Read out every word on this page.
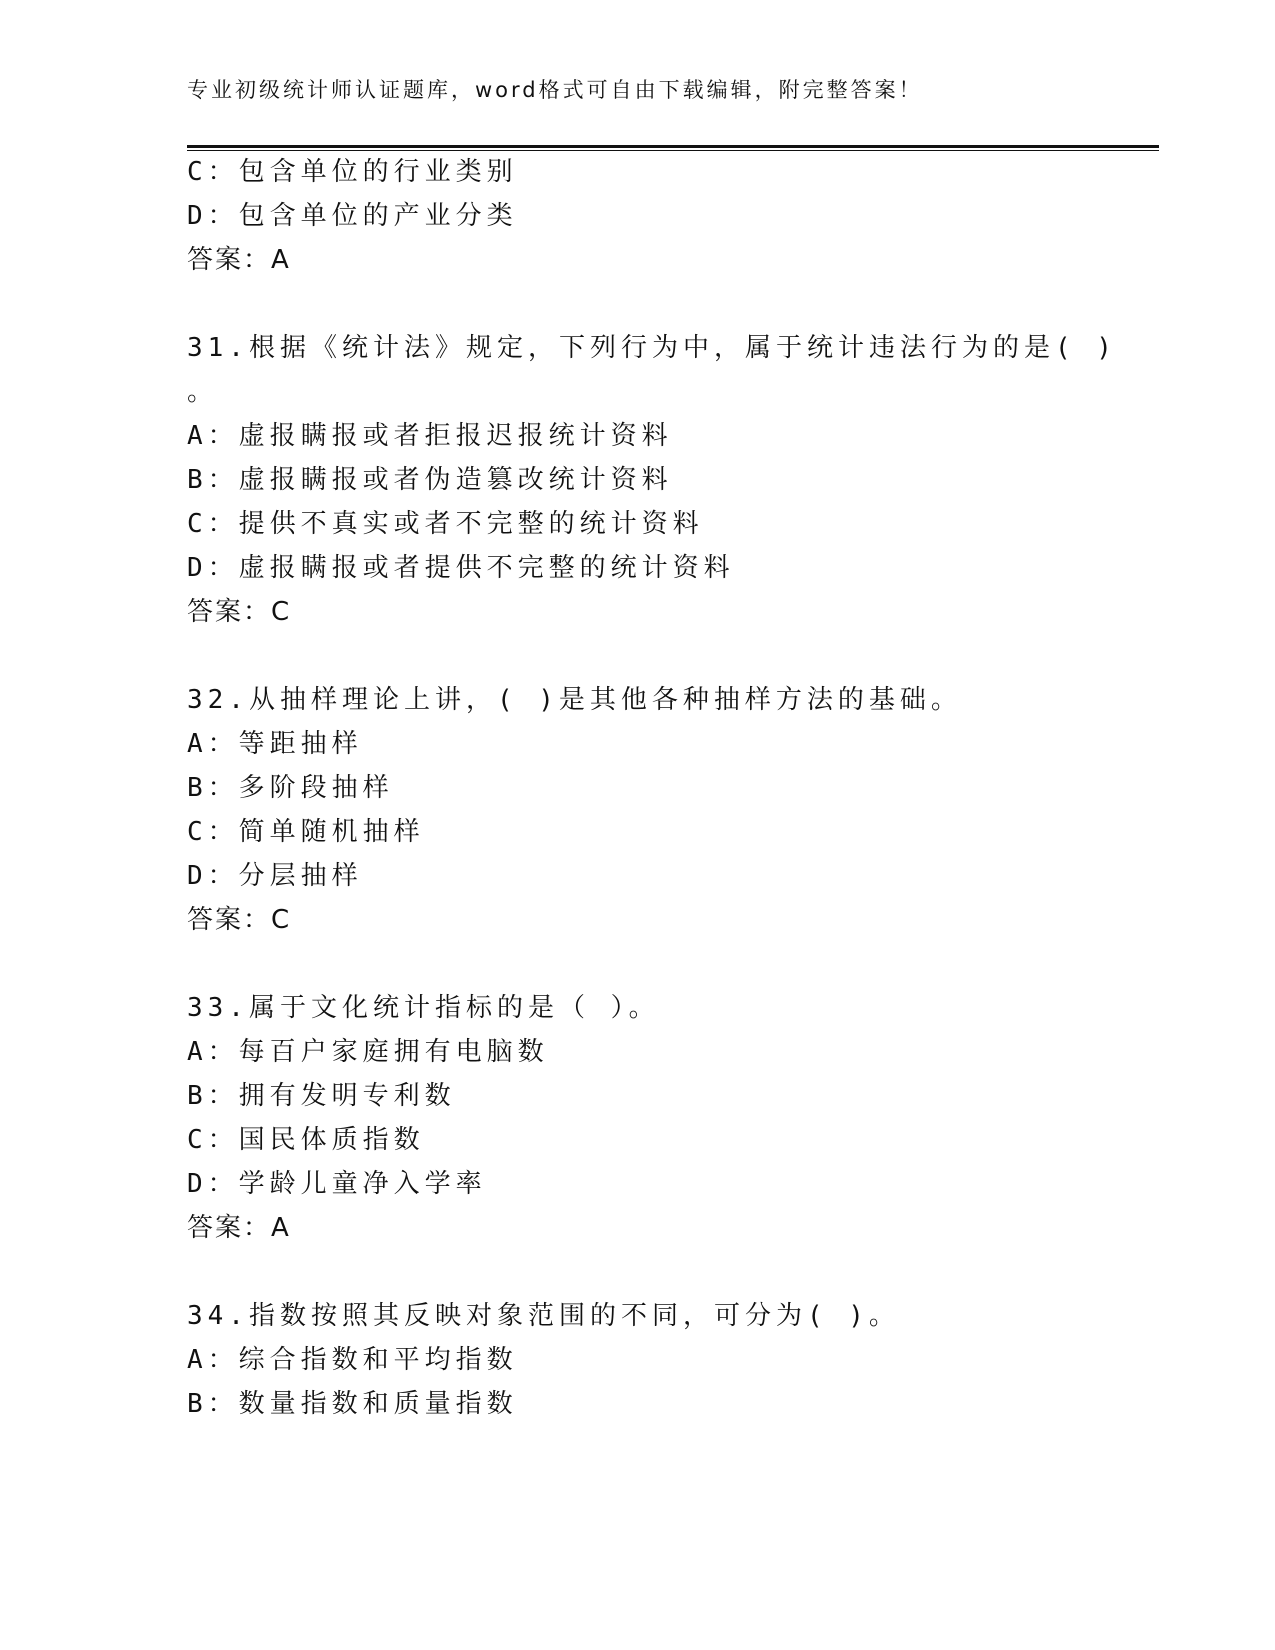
专业初级统计师认证题库，word格式可自由下载编辑，附完整答案！
C：包含单位的行业类别
D：包含单位的产业分类
答案：A
31.根据《统计法》规定，下列行为中，属于统计违法行为的是( )
。
A：虚报瞒报或者拒报迟报统计资料
B：虚报瞒报或者伪造篡改统计资料
C：提供不真实或者不完整的统计资料
D：虚报瞒报或者提供不完整的统计资料
答案：C
32.从抽样理论上讲，( )是其他各种抽样方法的基础。
A：等距抽样
B：多阶段抽样
C：简单随机抽样
D：分层抽样
答案：C
33.属于文化统计指标的是（ ）。
A：每百户家庭拥有电脑数
B：拥有发明专利数
C：国民体质指数
D：学龄儿童净入学率
答案：A
34.指数按照其反映对象范围的不同，可分为( )。
A：综合指数和平均指数
B：数量指数和质量指数
